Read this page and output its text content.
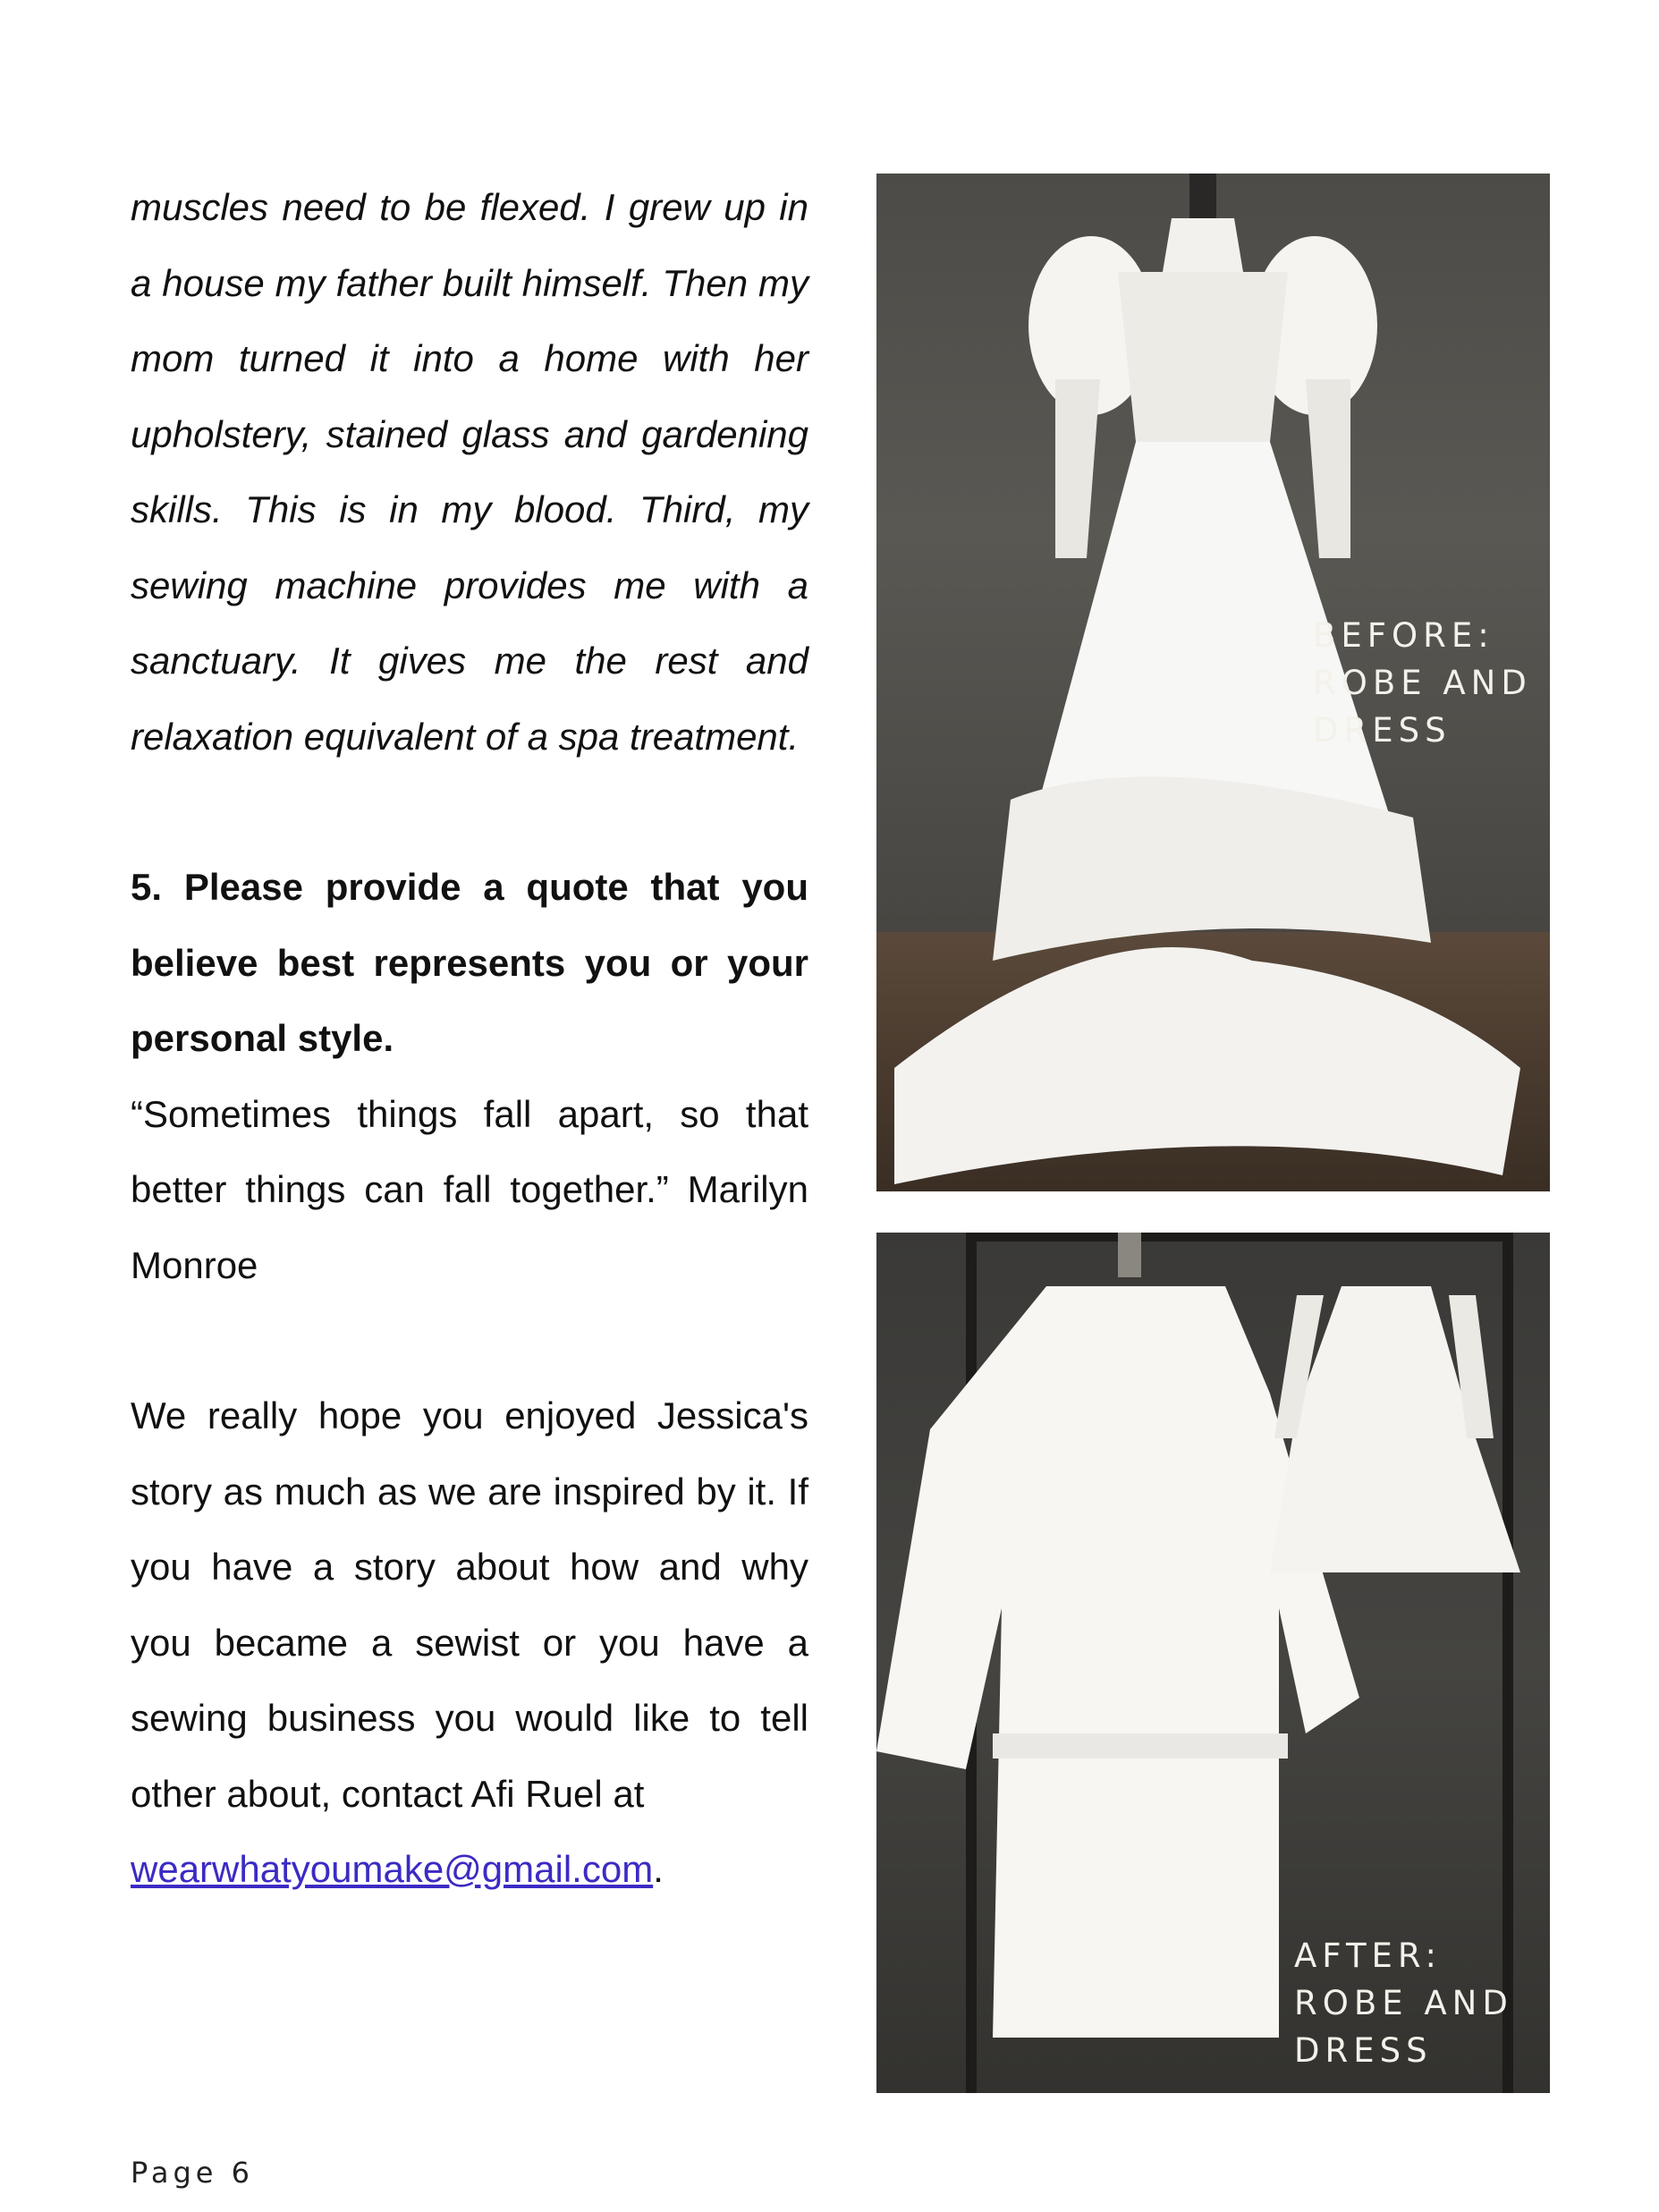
muscles need to be flexed. I grew up in a house my father built himself. Then my mom turned it into a home with her upholstery, stained glass and gardening skills. This is in my blood. Third, my sewing machine provides me with a sanctuary. It gives me the rest and relaxation equivalent of a spa treatment.

5. Please provide a quote that you believe best represents you or your personal style.

“Sometimes things fall apart, so that better things can fall together.” Marilyn Monroe

We really hope you enjoyed Jessica's story as much as we are inspired by it. If you have a story about how and why you became a sewist or you have a sewing business you would like to tell other about, contact Afi Ruel at
wearwhatyoumake@gmail.com.

BEFORE:
ROBE AND
DRESS

AFTER:
ROBE AND
DRESS

Page 6
